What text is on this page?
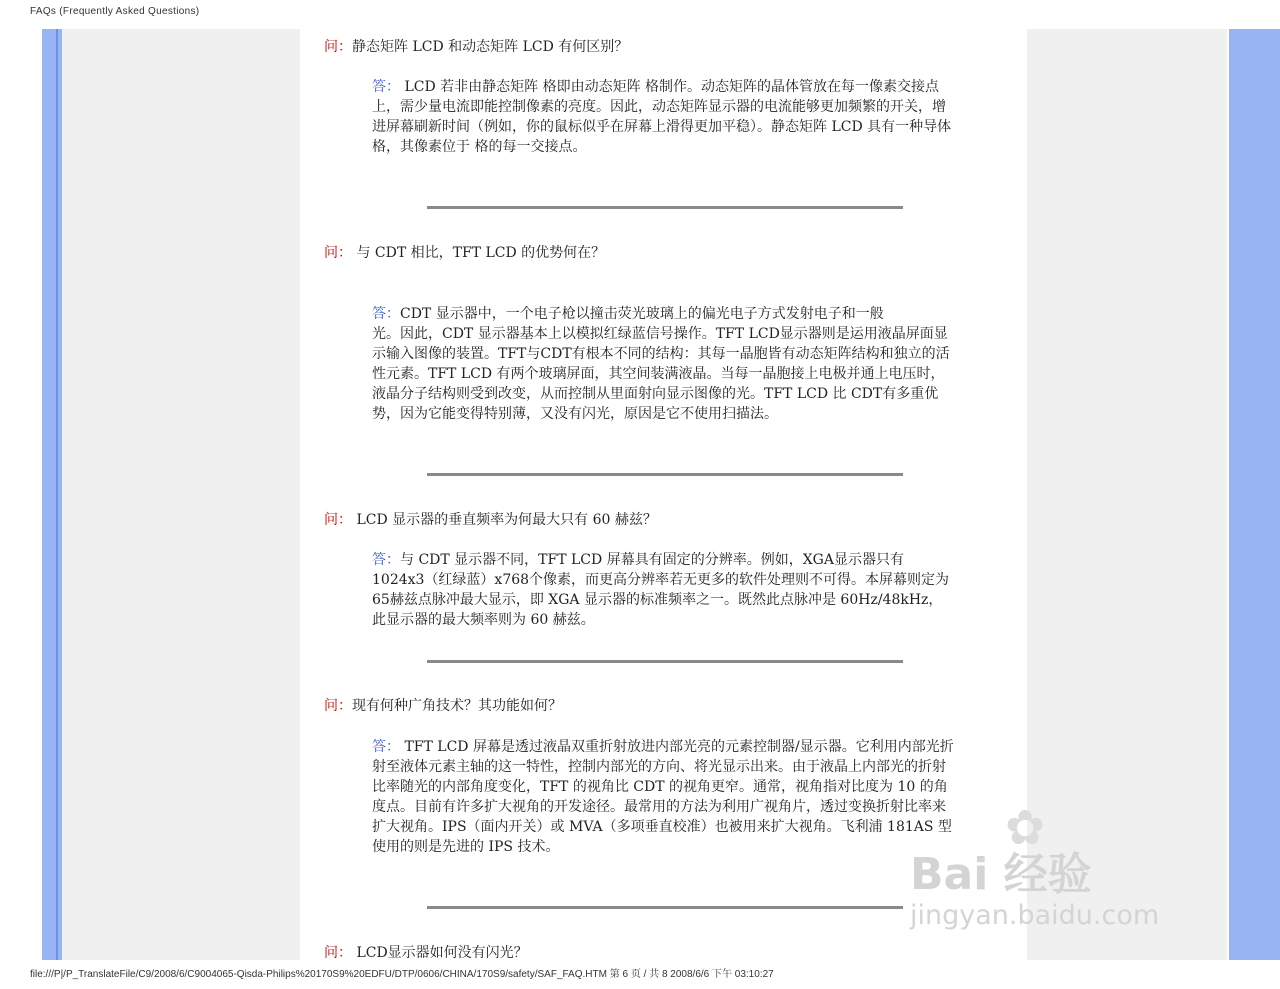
FAQs (Frequently Asked Questions)
问：静态矩阵 LCD 和动态矩阵 LCD 有何区别？
答： LCD 若非由静态矩阵 格即由动态矩阵 格制作。动态矩阵的晶体管放在每一像素交接点上，需少量电流即能控制像素的亮度。因此，动态矩阵显示器的电流能够更加频繁的开关，增进屏幕刷新时间（例如，你的鼠标似乎在屏幕上滑得更加平稳）。静态矩阵 LCD 具有一种导体 格，其像素位于 格的每一交接点。
问： 与 CDT 相比，TFT LCD 的优势何在？

答：CDT 显示器中，一个电子枪以撞击荧光玻璃上的偏光电子方式发射电子和一般
光。因此，CDT 显示器基本上以模拟红绿蓝信号操作。TFT LCD显示器则是运用液晶屏面显示输入图像的装置。TFT与CDT有根本不同的结构：其每一晶胞皆有动态矩阵结构和独立的活性元素。TFT LCD 有两个玻璃屏面，其空间装满液晶。当每一晶胞接上电极并通上电压时，液晶分子结构则受到改变，从而控制从里面射向显示图像的光。TFT LCD 比 CDT有多重优势，因为它能变得特别薄，又没有闪光，原因是它不使用扫描法。

问： LCD 显示器的垂直频率为何最大只有 60 赫兹？
答：与 CDT 显示器不同，TFT LCD 屏幕具有固定的分辨率。例如，XGA显示器只有1024x3（红绿蓝）x768个像素，而更高分辨率若无更多的软件处理则不可得。本屏幕则定为 65赫兹点脉冲最大显示，即 XGA 显示器的标准频率之一。既然此点脉冲是 60Hz/48kHz，此显示器的最大频率则为 60 赫兹。
问：现有何种广角技术？其功能如何？
答： TFT LCD 屏幕是透过液晶双重折射放进内部光亮的元素控制器/显示器。它利用内部光折射至液体元素主轴的这一特性，控制内部光的方向、将光显示出来。由于液晶上内部光的折射比率随光的内部角度变化，TFT 的视角比 CDT 的视角更窄。通常，视角指对比度为 10 的角度点。目前有许多扩大视角的开发途径。最常用的方法为利用广视角片，透过变换折射比率来扩大视角。IPS（面内开关）或 MVA（多项垂直校准）也被用来扩大视角。飞利浦 181AS 型使用的则是先进的 IPS 技术。
问： LCD显示器如何没有闪光？
✿
Bai 经验
jingyan.baidu.com
file:///P|/P_TranslateFile/C9/2008/6/C9004065-Qisda-Philips%20170S9%20EDFU/DTP/0606/CHINA/170S9/safety/SAF_FAQ.HTM 第 6 页 / 共 8 2008/6/6 下午 03:10:27
